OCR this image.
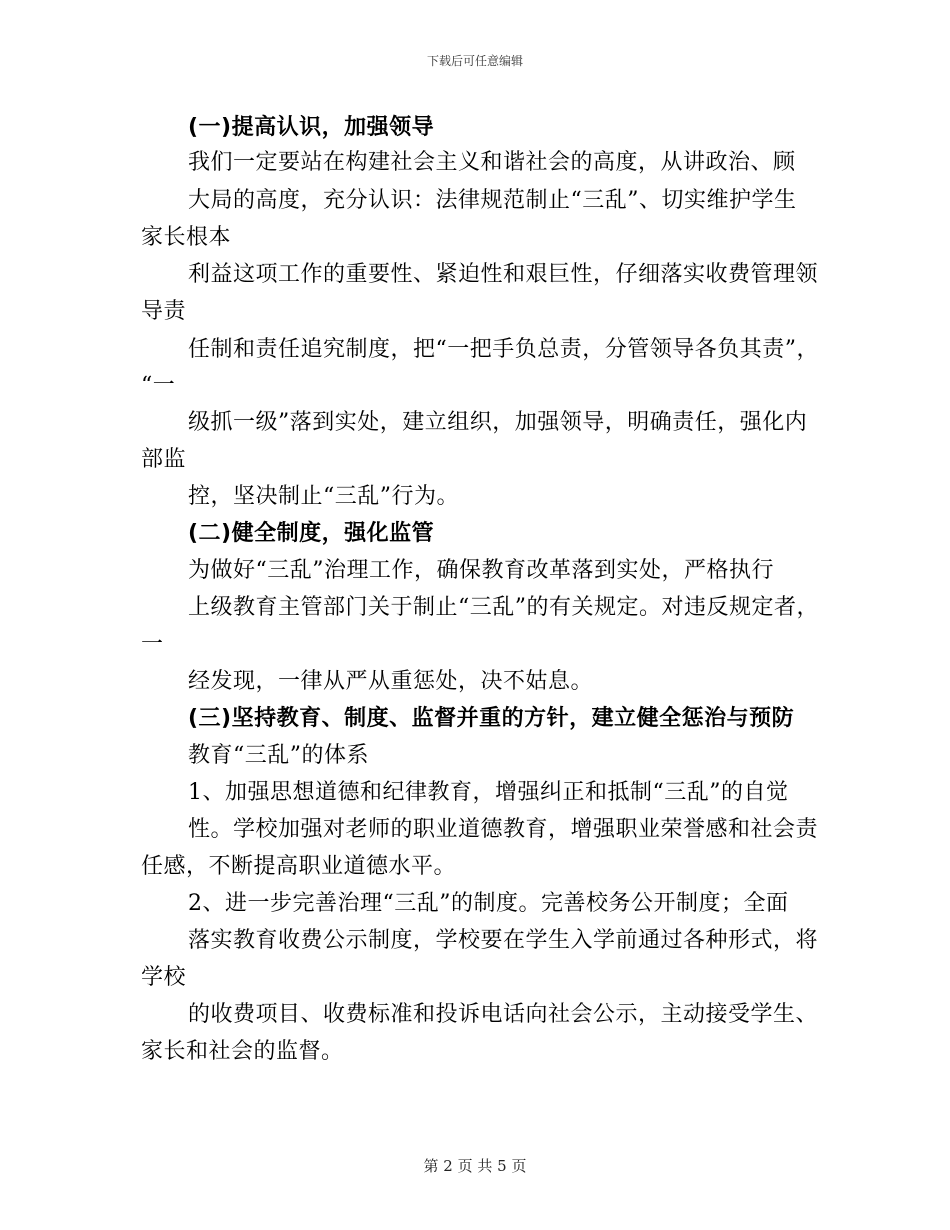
下载后可任意编辑
(一)提高认识，加强领导
我们一定要站在构建社会主义和谐社会的高度，从讲政治、顾
大局的高度，充分认识：法律规范制止“三乱”、切实维护学生
家长根本
利益这项工作的重要性、紧迫性和艰巨性，仔细落实收费管理领
导责
任制和责任追究制度，把“一把手负总责，分管领导各负其责”，
“一
级抓一级”落到实处，建立组织，加强领导，明确责任，强化内
部监
控，坚决制止“三乱”行为。
(二)健全制度，强化监管
为做好“三乱”治理工作，确保教育改革落到实处，严格执行
上级教育主管部门关于制止“三乱”的有关规定。对违反规定者，
一
经发现，一律从严从重惩处，决不姑息。
(三)坚持教育、制度、监督并重的方针，建立健全惩治与预防
教育“三乱”的体系
1、加强思想道德和纪律教育，增强纠正和抵制“三乱”的自觉
性。学校加强对老师的职业道德教育，增强职业荣誉感和社会责
任感，不断提高职业道德水平。
2、进一步完善治理“三乱”的制度。完善校务公开制度；全面
落实教育收费公示制度，学校要在学生入学前通过各种形式，将
学校
的收费项目、收费标准和投诉电话向社会公示，主动接受学生、
家长和社会的监督。
第 2 页 共 5 页
